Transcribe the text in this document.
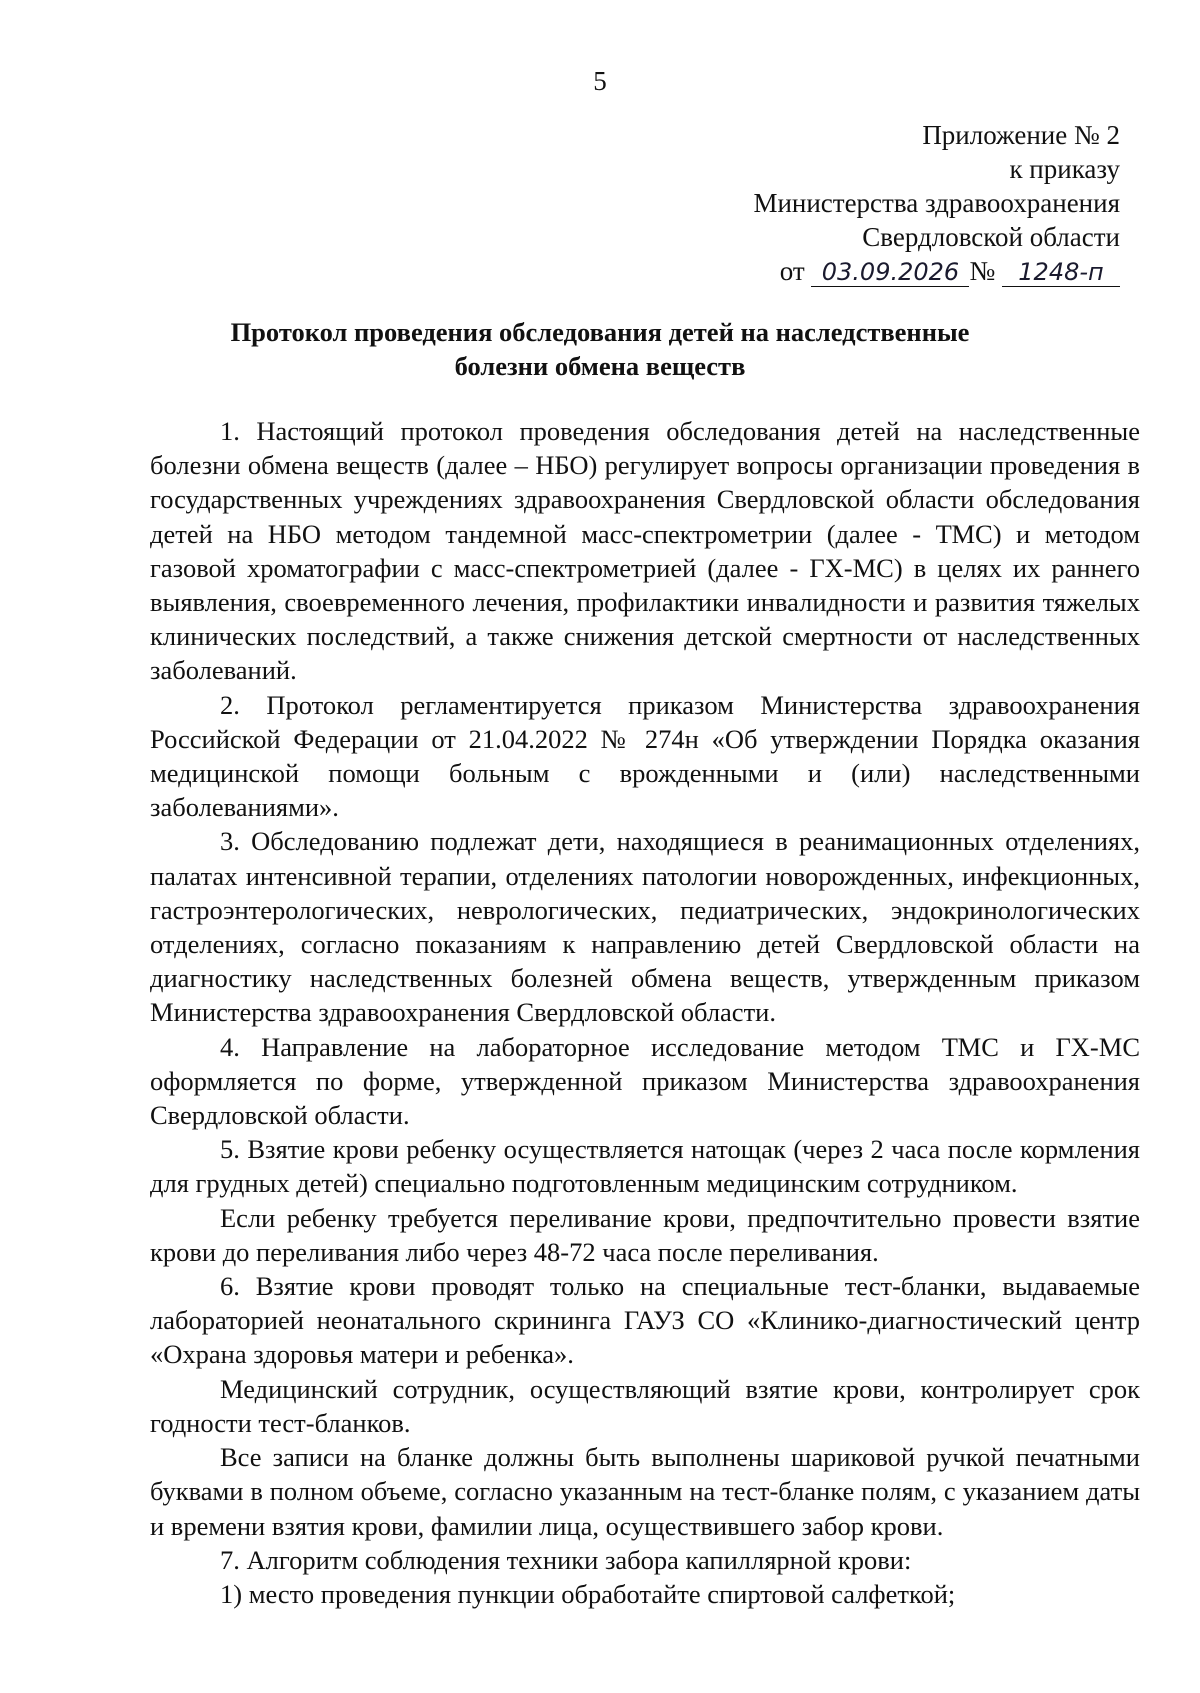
5
Приложение № 2
к приказу
Министерства здравоохранения
Свердловской области
от 03.09.2026 № 1248-п
Протокол проведения обследования детей на наследственные
болезни обмена веществ

1. Настоящий протокол проведения обследования детей на наследственные болезни обмена веществ (далее – НБО) регулирует вопросы организации проведения в государственных учреждениях здравоохранения Свердловской области обследования детей на НБО методом тандемной масс-спектрометрии (далее - ТМС) и методом газовой хроматографии с масс-спектрометрией (далее - ГХ-МС) в целях их раннего выявления, своевременного лечения, профилактики инвалидности и развития тяжелых клинических последствий, а также снижения детской смертности от наследственных заболеваний.

2. Протокол регламентируется приказом Министерства здравоохранения Российской Федерации от 21.04.2022 № 274н «Об утверждении Порядка оказания медицинской помощи больным с врожденными и (или) наследственными заболеваниями».

3. Обследованию подлежат дети, находящиеся в реанимационных отделениях, палатах интенсивной терапии, отделениях патологии новорожденных, инфекционных, гастроэнтерологических, неврологических, педиатрических, эндокринологических отделениях, согласно показаниям к направлению детей Свердловской области на диагностику наследственных болезней обмена веществ, утвержденным приказом Министерства здравоохранения Свердловской области.

4. Направление на лабораторное исследование методом ТМС и ГХ-МС оформляется по форме, утвержденной приказом Министерства здравоохранения Свердловской области.

5. Взятие крови ребенку осуществляется натощак (через 2 часа после кормления для грудных детей) специально подготовленным медицинским сотрудником.

Если ребенку требуется переливание крови, предпочтительно провести взятие крови до переливания либо через 48-72 часа после переливания.

6. Взятие крови проводят только на специальные тест-бланки, выдаваемые лабораторией неонатального скрининга ГАУЗ СО «Клинико-диагностический центр «Охрана здоровья матери и ребенка».

Медицинский сотрудник, осуществляющий взятие крови, контролирует срок годности тест-бланков.

Все записи на бланке должны быть выполнены шариковой ручкой печатными буквами в полном объеме, согласно указанным на тест-бланке полям, с указанием даты и времени взятия крови, фамилии лица, осуществившего забор крови.

7. Алгоритм соблюдения техники забора капиллярной крови:

1) место проведения пункции обработайте спиртовой салфеткой;
